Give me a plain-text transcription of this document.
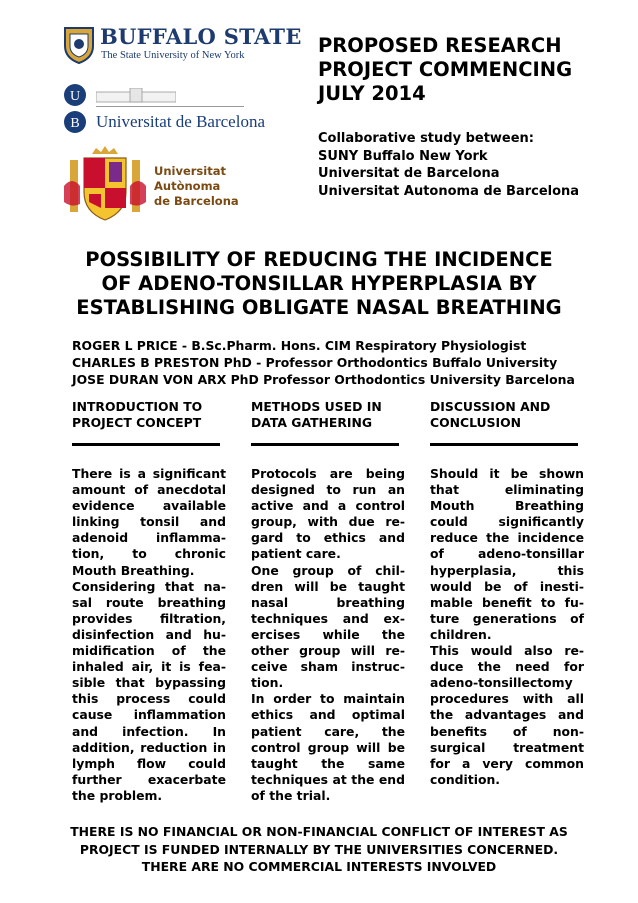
BUFFALO STATE
The State University of New York
U
B Universitat de Barcelona
Universitat
Autònoma
de Barcelona
PROPOSED RESEARCH
PROJECT COMMENCING
JULY 2014
Collaborative study between:
SUNY Buffalo New York
Universitat de Barcelona
Universitat Autonoma de Barcelona
POSSIBILITY OF REDUCING THE INCIDENCE
OF ADENO-TONSILLAR HYPERPLASIA BY
ESTABLISHING OBLIGATE NASAL BREATHING
ROGER L PRICE - B.Sc.Pharm. Hons. CIM Respiratory Physiologist
CHARLES B PRESTON PhD - Professor Orthodontics Buffalo University
JOSE DURAN VON ARX PhD Professor Orthodontics University Barcelona
INTRODUCTION TO
PROJECT CONCEPT

There is a significant amount of anecdotal evidence available linking tonsil and adenoid inflamma-tion, to chronic Mouth Breathing.

Considering that na-sal route breathing provides filtration, disinfection and hu-midification of the inhaled air, it is fea-sible that bypassing this process could cause inflammation and infection. In addition, reduction in lymph flow could further exacerbate the problem.

METHODS USED IN
DATA GATHERING

Protocols are being designed to run an active and a control group, with due re-gard to ethics and patient care.

One group of chil-dren will be taught nasal breathing techniques and ex-ercises while the other group will re-ceive sham instruc-tion.

In order to maintain ethics and optimal patient care, the control group will be taught the same techniques at the end of the trial.

DISCUSSION AND
CONCLUSION

Should it be shown that eliminating Mouth Breathing could significantly reduce the incidence of adeno-tonsillar hyperplasia, this would be of inesti-mable benefit to fu-ture generations of children.

This would also re-duce the need for adeno-tonsillectomy procedures with all the advantages and benefits of non-surgical treatment for a very common condition.

THERE IS NO FINANCIAL OR NON-FINANCIAL CONFLICT OF INTEREST AS
PROJECT IS FUNDED INTERNALLY BY THE UNIVERSITIES CONCERNED.
THERE ARE NO COMMERCIAL INTERESTS INVOLVED
